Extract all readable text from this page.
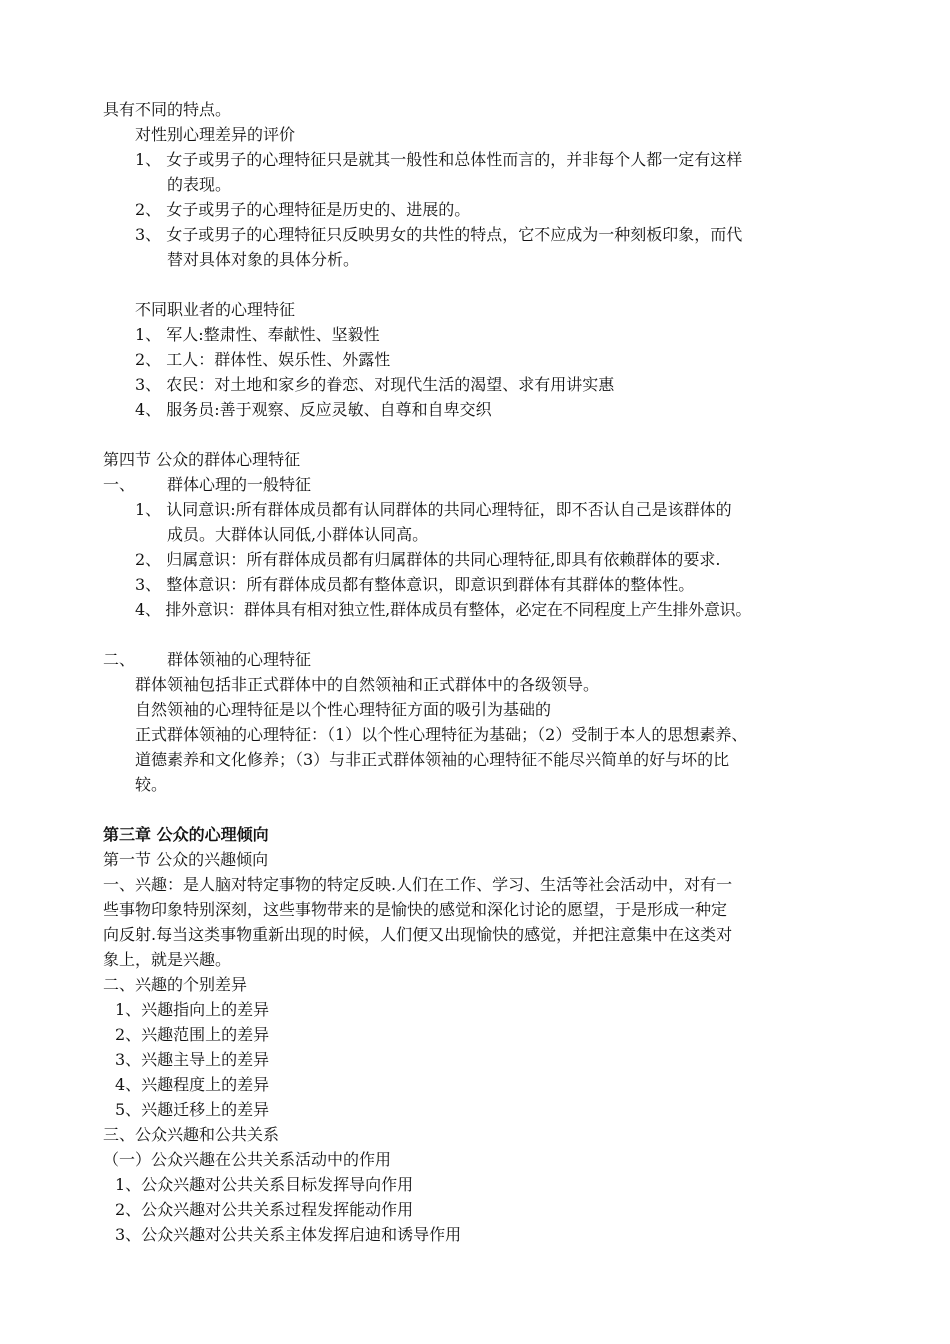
具有不同的特点。
对性别心理差异的评价
1、 女子或男子的心理特征只是就其一般性和总体性而言的，并非每个人都一定有这样
的表现。
2、 女子或男子的心理特征是历史的、进展的。
3、 女子或男子的心理特征只反映男女的共性的特点，它不应成为一种刻板印象，而代
替对具体对象的具体分析。
不同职业者的心理特征
1、 军人:整肃性、奉献性、坚毅性
2、 工人：群体性、娱乐性、外露性
3、 农民：对土地和家乡的眷恋、对现代生活的渴望、求有用讲实惠
4、 服务员:善于观察、反应灵敏、自尊和自卑交织
第四节 公众的群体心理特征
一、 群体心理的一般特征
1、 认同意识:所有群体成员都有认同群体的共同心理特征，即不否认自己是该群体的
成员。大群体认同低,小群体认同高。
2、 归属意识：所有群体成员都有归属群体的共同心理特征,即具有依赖群体的要求.
3、 整体意识：所有群体成员都有整体意识，即意识到群体有其群体的整体性。
4、 排外意识：群体具有相对独立性,群体成员有整体，必定在不同程度上产生排外意识。
二、 群体领袖的心理特征
群体领袖包括非正式群体中的自然领袖和正式群体中的各级领导。
自然领袖的心理特征是以个性心理特征方面的吸引为基础的
正式群体领袖的心理特征：（1）以个性心理特征为基础；（2）受制于本人的思想素养、
道德素养和文化修养；（3）与非正式群体领袖的心理特征不能尽兴简单的好与坏的比
较。
第三章 公众的心理倾向
第一节 公众的兴趣倾向
一、兴趣：是人脑对特定事物的特定反映.人们在工作、学习、生活等社会活动中，对有一
些事物印象特别深刻，这些事物带来的是愉快的感觉和深化讨论的愿望，于是形成一种定
向反射.每当这类事物重新出现的时候，人们便又出现愉快的感觉，并把注意集中在这类对
象上，就是兴趣。
二、兴趣的个别差异
1、兴趣指向上的差异
2、兴趣范围上的差异
3、兴趣主导上的差异
4、兴趣程度上的差异
5、兴趣迁移上的差异
三、公众兴趣和公共关系
（一）公众兴趣在公共关系活动中的作用
1、公众兴趣对公共关系目标发挥导向作用
2、公众兴趣对公共关系过程发挥能动作用
3、公众兴趣对公共关系主体发挥启迪和诱导作用
